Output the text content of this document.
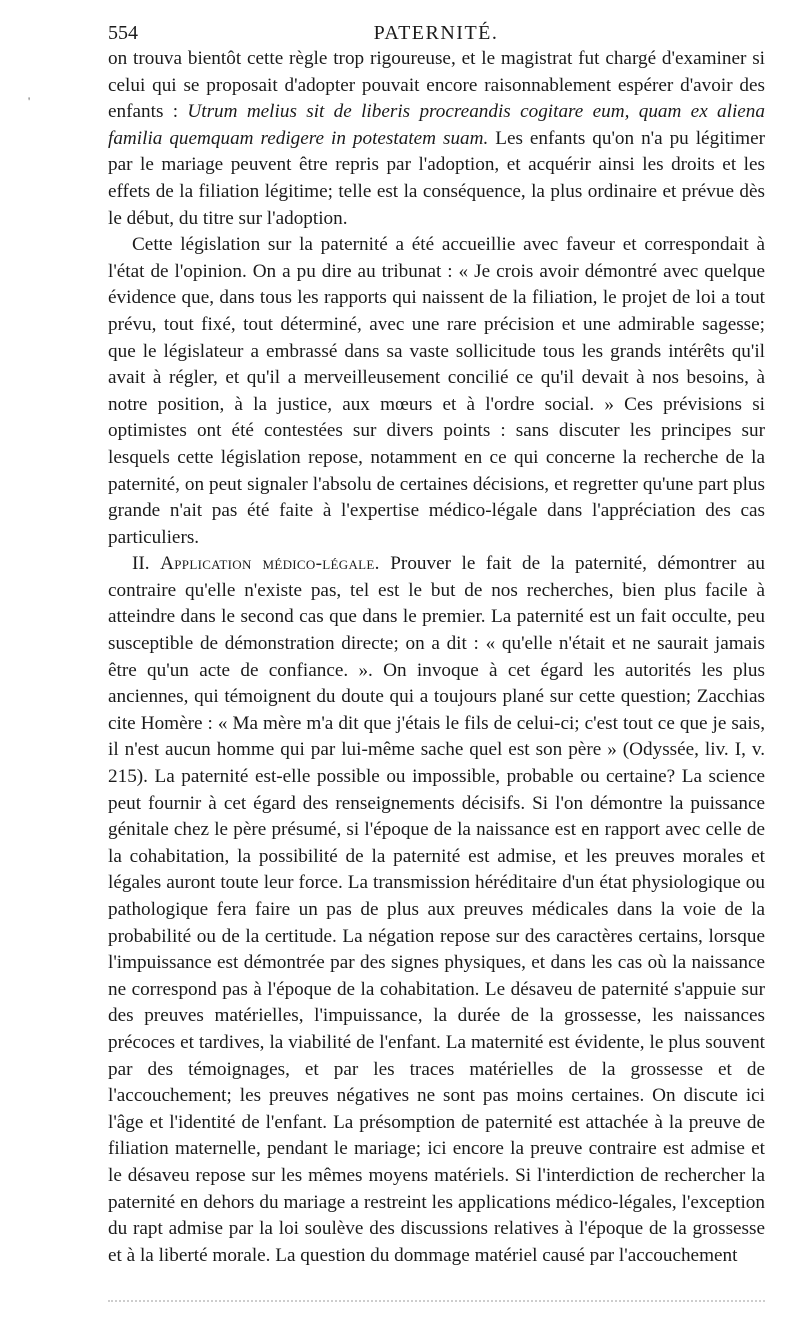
554	PATERNITÉ.
'

on trouva bientôt cette règle trop rigoureuse, et le magistrat fut chargé d'examiner si celui qui se proposait d'adopter pouvait encore raisonnablement espérer d'avoir des enfants : Utrum melius sit de liberis procreandis cogitare eum, quam ex aliena familia quemquam redigere in potestatem suam. Les enfants qu'on n'a pu légitimer par le mariage peuvent être repris par l'adoption, et acquérir ainsi les droits et les effets de la filiation légitime; telle est la conséquence, la plus ordinaire et prévue dès le début, du titre sur l'adoption.

Cette législation sur la paternité a été accueillie avec faveur et correspondait à l'état de l'opinion. On a pu dire au tribunat : « Je crois avoir démontré avec quelque évidence que, dans tous les rapports qui naissent de la filiation, le projet de loi a tout prévu, tout fixé, tout déterminé, avec une rare précision et une admirable sagesse; que le législateur a embrassé dans sa vaste sollicitude tous les grands intérêts qu'il avait à régler, et qu'il a merveilleusement concilié ce qu'il devait à nos besoins, à notre position, à la justice, aux mœurs et à l'ordre social. » Ces prévisions si optimistes ont été contestées sur divers points : sans discuter les principes sur lesquels cette législation repose, notamment en ce qui concerne la recherche de la paternité, on peut signaler l'absolu de certaines décisions, et regretter qu'une part plus grande n'ait pas été faite à l'expertise médico-légale dans l'appréciation des cas particuliers.

II. Application médico-légale. Prouver le fait de la paternité, démontrer au contraire qu'elle n'existe pas, tel est le but de nos recherches, bien plus facile à atteindre dans le second cas que dans le premier. La paternité est un fait occulte, peu susceptible de démonstration directe; on a dit : « qu'elle n'était et ne saurait jamais être qu'un acte de confiance. ». On invoque à cet égard les autorités les plus anciennes, qui témoignent du doute qui a toujours plané sur cette question; Zacchias cite Homère : « Ma mère m'a dit que j'étais le fils de celui-ci; c'est tout ce que je sais, il n'est aucun homme qui par lui-même sache quel est son père » (Odyssée, liv. I, v. 215). La paternité est-elle possible ou impossible, probable ou certaine? La science peut fournir à cet égard des renseignements décisifs. Si l'on démontre la puissance génitale chez le père présumé, si l'époque de la naissance est en rapport avec celle de la cohabitation, la possibilité de la paternité est admise, et les preuves morales et légales auront toute leur force. La transmission héréditaire d'un état physiologique ou pathologique fera faire un pas de plus aux preuves médicales dans la voie de la probabilité ou de la certitude. La négation repose sur des caractères certains, lorsque l'impuissance est démontrée par des signes physiques, et dans les cas où la naissance ne correspond pas à l'époque de la cohabitation. Le désaveu de paternité s'appuie sur des preuves matérielles, l'impuissance, la durée de la grossesse, les naissances précoces et tardives, la viabilité de l'enfant. La maternité est évidente, le plus souvent par des témoignages, et par les traces matérielles de la grossesse et de l'accouchement; les preuves négatives ne sont pas moins certaines. On discute ici l'âge et l'identité de l'enfant. La présomption de paternité est attachée à la preuve de filiation maternelle, pendant le mariage; ici encore la preuve contraire est admise et le désaveu repose sur les mêmes moyens matériels. Si l'interdiction de rechercher la paternité en dehors du mariage a restreint les applications médico-légales, l'exception du rapt admise par la loi soulève des discussions relatives à l'époque de la grossesse et à la liberté morale. La question du dommage matériel causé par l'accouchement
